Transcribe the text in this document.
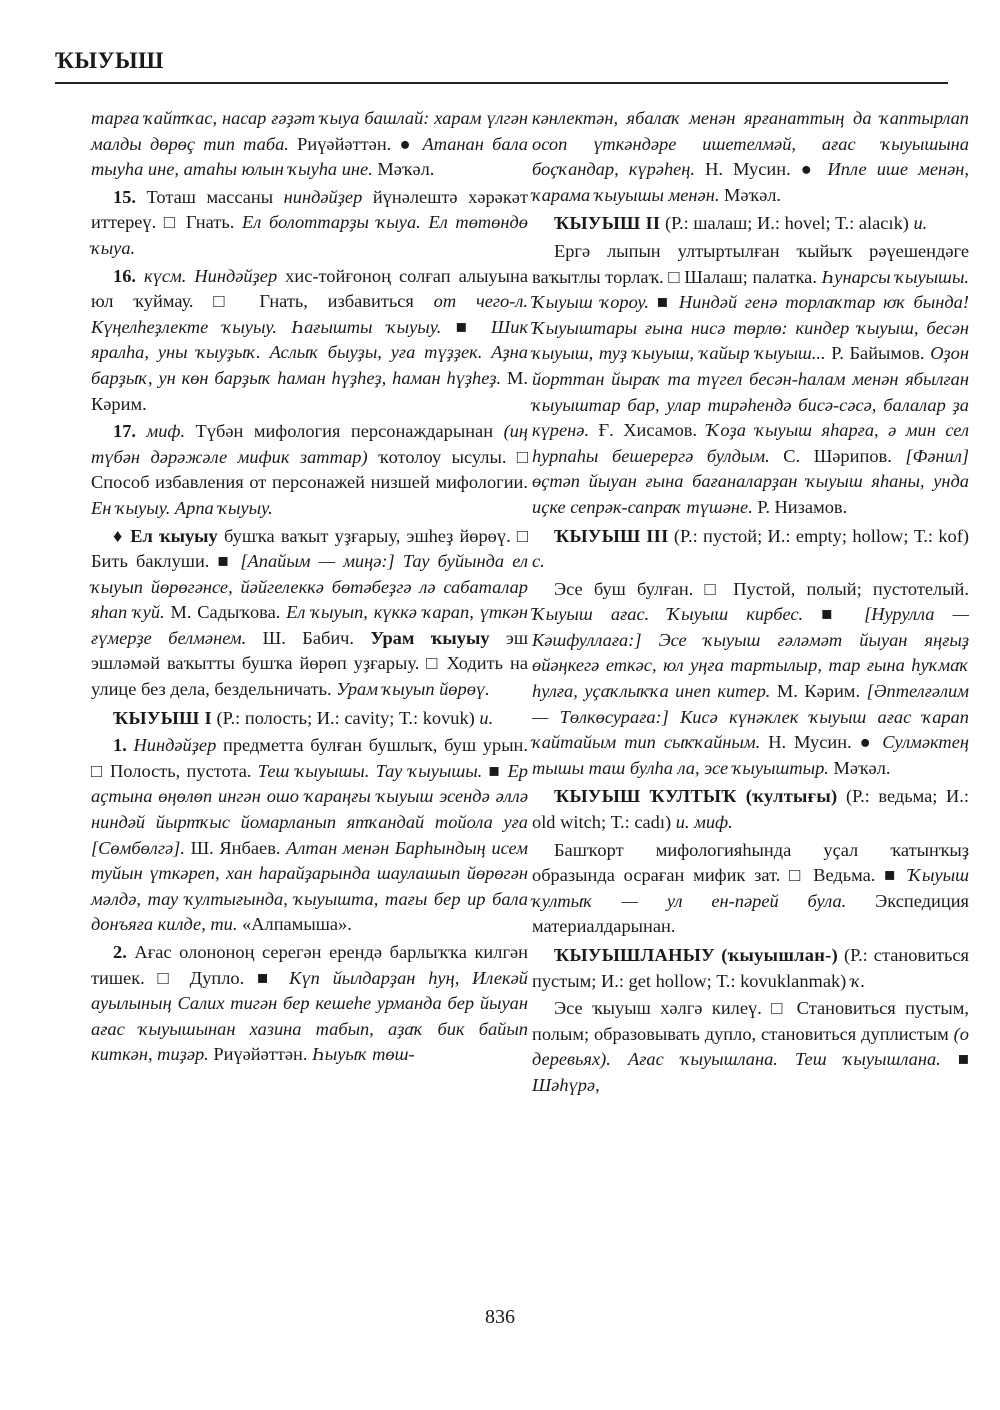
ҠЫУЫШ

тарға ҡайтҡас, насар ғәҙәт ҡыуа башлай: харам үлгән малды дөрөç тип таба. Риүәйәттән. ● Атанан бала тыуһа ине, атаһы юлын ҡыуһа ине. Мәҡәл.

15. Тоташ массаны ниндәйҙер йүнәлештә хәрәкәт иттереү. □ Гнать. Ел болоттарҙы ҡыуа. Ел төтөндө ҡыуа.

16. күсм. Ниндәйҙер хис-тойғоноң солғап алыуына юл ҡуймау. □ Гнать, избавиться от чего-л. Күңелһеҙлекте ҡыуыу. Һағышты ҡыуыу. ■ Шик яралһа, уны ҡыуҙыҡ. Аслыҡ быуҙы, уға түҙҙек. Аҙна барҙыҡ, ун көн барҙыҡ һаман һүҙһеҙ, һаман һүҙһеҙ. М. Кәрим.

17. миф. Түбән мифология персонаждарынан (иң түбән дәрәжәле мифик заттар) ҡотолоу ысулы. □ Способ избавления от персонажей низшей мифологии. Ен ҡыуыу. Арпа ҡыуыу.

♦ Ел ҡыуыу бушҡа ваҡыт уҙғарыу, эшһеҙ йөрөү. □ Бить баклуши. ■ [Апайым — миңә:] Тау буйында ел ҡыуып йөрөгәнсе, йәйгелеккә бөтәбеҙгә лә сабаталар яһап ҡуй. М. Садыҡова. Ел ҡыуып, күккә ҡарап, үткән ғүмерҙе белмәнем. Ш. Бабич. Урам ҡыуыу эш эшләмәй ваҡытты бушҡа йөрөп уҙғарыу. □ Ходить на улице без дела, бездельничать. Урам ҡыуып йөрөү.

ҠЫУЫШ I (Р.: полость; И.: cavity; Т.: kovuk) и.

1. Ниндәйҙер предметта булған бушлыҡ, буш урын. □ Полость, пустота. Теш ҡыуышы. Тау ҡыуышы. ■ Ер аҫтына өңөлөп ингән ошо ҡараңғы ҡыуыш эсендә әллә ниндәй йыртҡыс йомарланып ятҡандай тойола уға [Сөмбөлгә]. Ш. Янбаев. Алтан менән Барһындың исем туйын үткәреп, хан һарайҙарында шаулашып йөрөгән мәлдә, тау ҡултығында, ҡыуышта, тағы бер ир бала донъяға килде, ти. «Алпамыша».

2. Ағас олононоң серегән ерендә барлыҡҡа килгән тишек. □ Дупло. ■ Күп йылдарҙан һуң, Илекәй ауылының Салих тигән бер кешеһе урманда бер йыуан ағас ҡыуышынан хазина табып, аҙаҡ бик байып киткән, тиҙәр. Риүәйәттән. Һыуыҡ төш-

кәнлектән, ябалаҡ менән ярғанаттың да ҡаптырлап осоп үткәндәре ишетелмәй, ағас ҡыуышына боҫҡандар, күрәһең. Н. Мусин. ● Ипле ише менән, ҡарама ҡыуышы менән. Мәҡәл.

ҠЫУЫШ II (Р.: шалаш; И.: hovel; Т.: alacık) и.

Ергә лыпын ултыртылған ҡыйыҡ рәүешендәге ваҡытлы торлаҡ. □ Шалаш; палатка. Һунарсы ҡыуышы. Ҡыуыш ҡороу. ■ Ниндәй генә торлаҡтар юҡ бында! Ҡыуыштары ғына нисә төрлө: киндер ҡыуыш, бесән ҡыуыш, туҙ ҡыуыш, ҡайыр ҡыуыш... Р. Байымов. Оҙон йорттан йыраҡ та түгел бесән-һалам менән ябылған ҡыуыштар бар, улар тирәһендә бисә-сәсә, балалар ҙа күренә. Ғ. Хисамов. Ҡоҙа ҡыуыш яһарға, ә мин сел һурпаһы бешерергә булдым. С. Шәрипов. [Фәнил] өҫтәп йыуан ғына бағаналарҙан ҡыуыш яһаны, унда иҫке сепрәк-сапраҡ түшәне. Р. Низамов.

ҠЫУЫШ III (Р.: пустой; И.: empty; hollow; Т.: kof) с.

Эсе буш булған. □ Пустой, полый; пустотелый. Ҡыуыш ағас. Ҡыуыш кирбес. ■ [Нурулла — Кәшфуллаға:] Эсе ҡыуыш ғәләмәт йыуан яңғыҙ өйәңкегә еткәс, юл уңға тартылыр, тар ғына һуҡмаҡ һулға, уҫаҡлыҡҡа инеп китер. М. Кәрим. [Әптелғәлим — Төлкөсураға:] Кисә күнәклек ҡыуыш ағас ҡарап ҡайтайым тип сыҡҡайным. Н. Мусин. ● Сулмәктең тышы таш булһа ла, эсе ҡыуыштыр. Мәҡәл.

ҠЫУЫШ ҠУЛТЫҠ (ҡултығы) (Р.: ведьма; И.: old witch; Т.: cadı) и. миф.

Башҡорт мифологияһында уҫал ҡатынҡыҙ образында осраған мифик зат. □ Ведьма. ■ Ҡыуыш ҡултыҡ — ул ен-пәрей була. Экспедиция материалдарынан.

ҠЫУЫШЛАНЫУ (ҡыуышлан-) (Р.: становиться пустым; И.: get hollow; Т.: kovuklanmak) ҡ.

Эсе ҡыуыш хәлгә килеү. □ Становиться пустым, полым; образовывать дупло, становиться дуплистым (о деревьях). Ағас ҡыуышлана. Теш ҡыуышлана. ■ Шәһүрә,

836
